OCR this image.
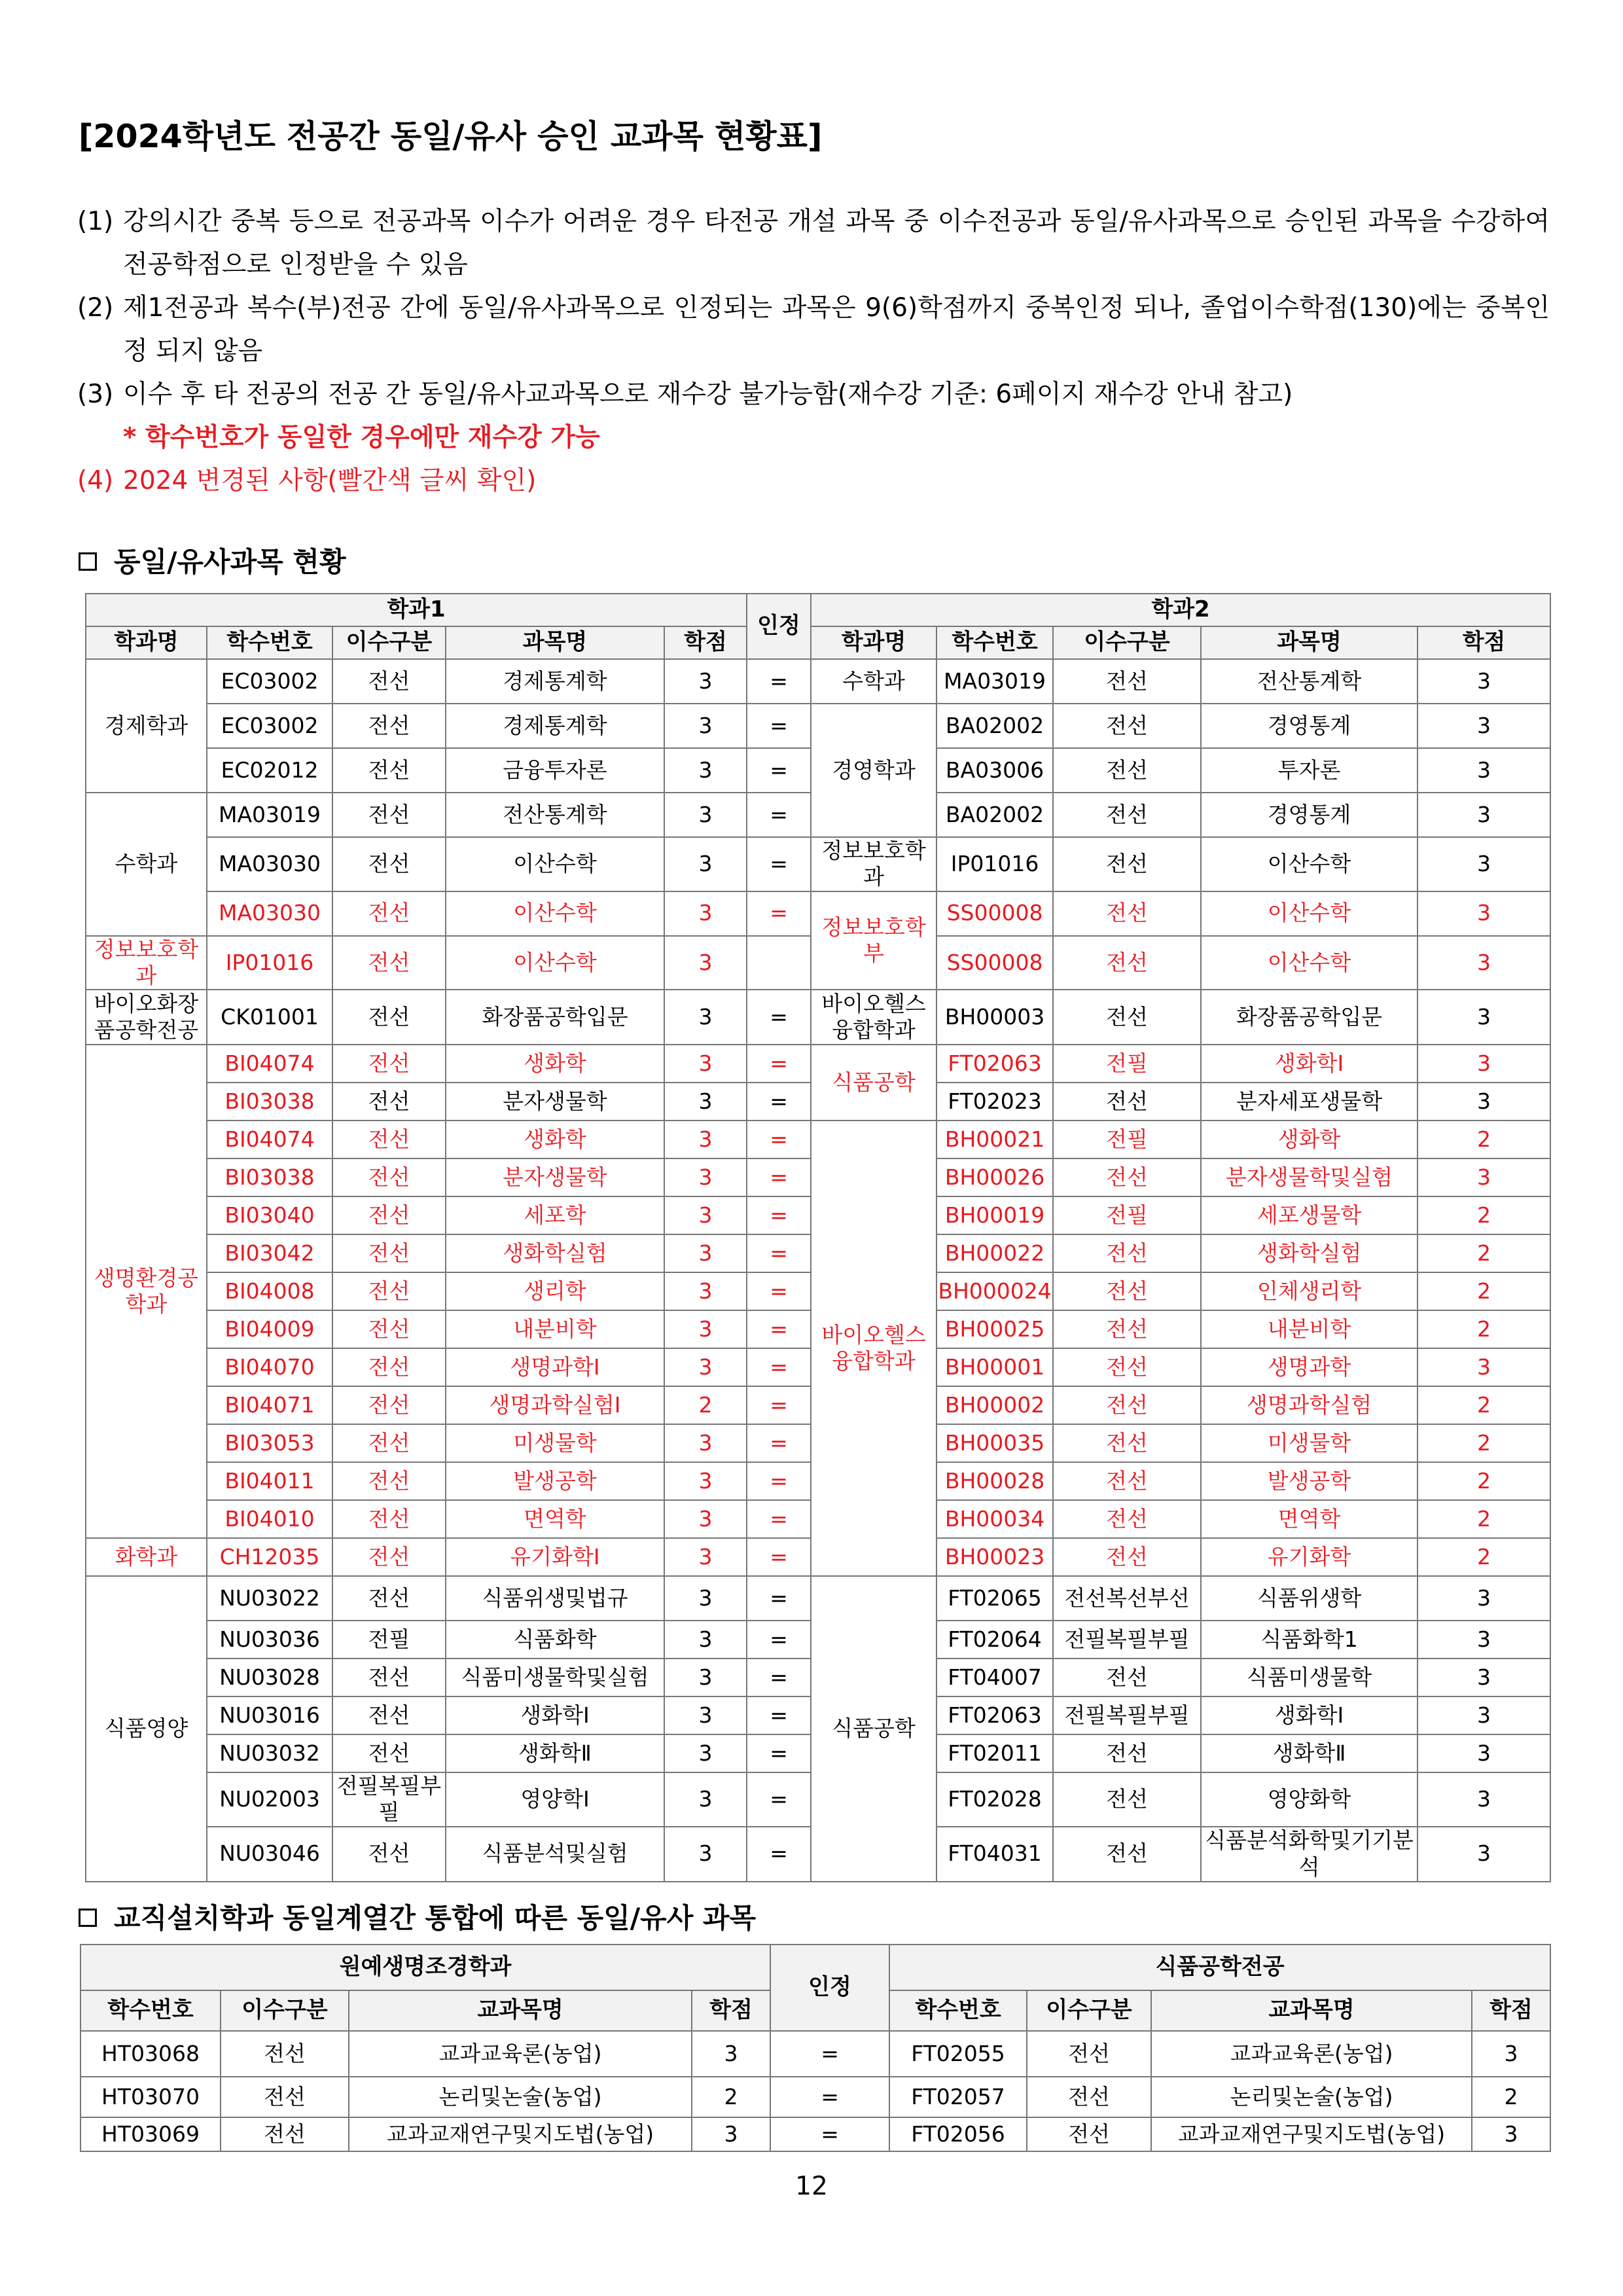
[2024학년도 전공간 동일/유사 승인 교과목 현황표]
(1) 강의시간 중복 등으로 전공과목 이수가 어려운 경우 타전공 개설 과목 중 이수전공과 동일/유사과목으로 승인된 과목을 수강하여 전공학점으로 인정받을 수 있음
(2) 제1전공과 복수(부)전공 간에 동일/유사과목으로 인정되는 과목은 9(6)학점까지 중복인정 되나, 졸업이수학점(130)에는 중복인정 되지 않음
(3) 이수 후 타 전공의 전공 간 동일/유사교과목으로 재수강 불가능함(재수강 기준: 6페이지 재수강 안내 참고)
* 학수번호가 동일한 경우에만 재수강 가능
(4) 2024 변경된 사항(빨간색 글씨 확인)
동일/유사과목 현황
학과1					인정	학과2				
학과명	학수번호	이수구분	과목명	학점		학과명	학수번호	이수구분	과목명	학점
경제학과	EC03002	전선	경제통계학	3	=	수학과	MA03019	전선	전산통계학	3
	EC03002	전선	경제통계학	3	=	경영학과	BA02002	전선	경영통계	3
	EC02012	전선	금융투자론	3	=		BA03006	전선	투자론	3
수학과	MA03019	전선	전산통계학	3	=		BA02002	전선	경영통계	3
	MA03030	전선	이산수학	3	=	정보보호학과	IP01016	전선	이산수학	3
	MA03030	전선	이산수학	3	=	정보보호학부	SS00008	전선	이산수학	3
정보보호학과	IP01016	전선	이산수학	3			SS00008	전선	이산수학	3
바이오화장품공학전공	CK01001	전선	화장품공학입문	3	=	바이오헬스융합학과	BH00003	전선	화장품공학입문	3
생명환경공학과	BI04074	전선	생화학	3	=	식품공학	FT02063	전필	생화학I	3
	BI03038	전선	분자생물학	3	=		FT02023	전선	분자세포생물학	3
	BI04074	전선	생화학	3	=	바이오헬스융합학과	BH00021	전필	생화학	2
	BI03038	전선	분자생물학	3	=		BH00026	전선	분자생물학및실험	3
	BI03040	전선	세포학	3	=		BH00019	전필	세포생물학	2
	BI03042	전선	생화학실험	3	=		BH00022	전선	생화학실험	2
	BI04008	전선	생리학	3	=		BH000024	전선	인체생리학	2
	BI04009	전선	내분비학	3	=		BH00025	전선	내분비학	2
	BI04070	전선	생명과학Ⅰ	3	=		BH00001	전선	생명과학	3
	BI04071	전선	생명과학실험Ⅰ	2	=		BH00002	전선	생명과학실험	2
	BI03053	전선	미생물학	3	=		BH00035	전선	미생물학	2
	BI04011	전선	발생공학	3	=		BH00028	전선	발생공학	2
	BI04010	전선	면역학	3	=		BH00034	전선	면역학	2
화학과	CH12035	전선	유기화학Ⅰ	3	=		BH00023	전선	유기화학	2
식품영양	NU03022	전선	식품위생및법규	3	=	식품공학	FT02065	전선복선부선	식품위생학	3
	NU03036	전필	식품화학	3	=		FT02064	전필복필부필	식품화학1	3
	NU03028	전선	식품미생물학및실험	3	=		FT04007	전선	식품미생물학	3
	NU03016	전선	생화학Ⅰ	3	=		FT02063	전필복필부필	생화학I	3
	NU03032	전선	생화학Ⅱ	3	=		FT02011	전선	생화학Ⅱ	3
	NU02003	전필복필부필	영양학Ⅰ	3	=		FT02028	전선	영양화학	3
	NU03046	전선	식품분석및실험	3	=		FT04031	전선	식품분석화학및기기분석	3
교직설치학과 동일계열간 통합에 따른 동일/유사 과목
원예생명조경학과				인정	식품공학전공			
학수번호	이수구분	교과목명	학점		학수번호	이수구분	교과목명	학점
HT03068	전선	교과교육론(농업)	3	=	FT02055	전선	교과교육론(농업)	3
HT03070	전선	논리및논술(농업)	2	=	FT02057	전선	논리및논술(농업)	2
HT03069	전선	교과교재연구및지도법(농업)	3	=	FT02056	전선	교과교재연구및지도법(농업)	3
12
